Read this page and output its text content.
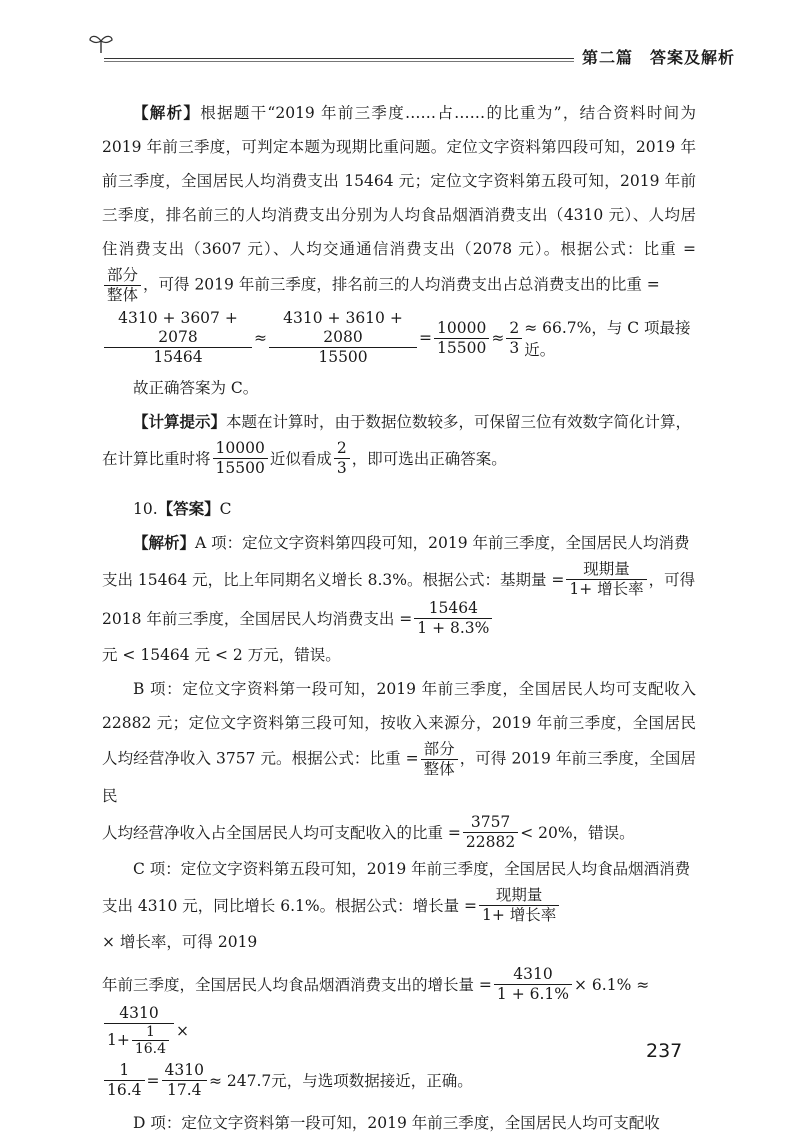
第二篇　答案及解析

【解析】根据题干“2019 年前三季度……占……的比重为”，结合资料时间为 2019 年前三季度，可判定本题为现期比重问题。定位文字资料第四段可知，2019 年前三季度，全国居民人均消费支出 15464 元；定位文字资料第五段可知，2019 年前三季度，排名前三的人均消费支出分别为人均食品烟酒消费支出（4310 元）、人均居住消费支出（3607 元）、人均交通通信消费支出（2078 元）。根据公式：比重 =
$\frac{\text{部分}}{\text{整体}}$ ，可得 2019 年前三季度，排名前三的人均消费支出占总消费支出的比重 =

$\frac{4310 + 3607 + 2078}{15464} \approx \frac{4310 + 3610 + 2080}{15500} = \frac{10000}{15500} \approx \frac{2}{3} \approx 66.7\%$，与 C 项最接近。

故正确答案为 C。

【计算提示】本题在计算时，由于数据位数较多，可保留三位有效数字简化计算，

在计算比重时将 $\frac{10000}{15500}$ 近似看成 $\frac{2}{3}$ ，即可选出正确答案。

10.【答案】C

【解析】A 项：定位文字资料第四段可知，2019 年前三季度，全国居民人均消费

支出 15464 元，比上年同期名义增长 8.3%。根据公式：基期量 = $\frac{\text{现期量}}{\text{1+ 增长率}}$ ，可得
2018 年前三季度，全国居民人均消费支出 = $\frac{15464}{1 + 8.3\%}$
元 < 15464 元 < 2 万元，错误。

B 项：定位文字资料第一段可知，2019 年前三季度，全国居民人均可支配收入 22882 元；定位文字资料第三段可知，按收入来源分，2019 年前三季度，全国居民人均经营净收入 3757 元。根据公式：比重 = $\frac{\text{部分}}{\text{整体}}$ ，可得 2019 年前三季度，全国居民

人均经营净收入占全国居民人均可支配收入的比重 = $\frac{3757}{22882} < 20\%$，错误。

C 项：定位文字资料第五段可知，2019 年前三季度，全国居民人均食品烟酒消费

支出 4310 元，同比增长 6.1%。根据公式：增长量 = $\frac{\text{现期量}}{\text{1+ 增长率}}$
× 增长率，可得 2019
年前三季度，全国居民人均食品烟酒消费支出的增长量 = $\frac{4310}{1 + 6.1\%} \times 6.1\%$ ≈
$\frac{4310}{1+ \frac{1}{16.4}}$ ×
$\frac{1}{16.4} = \frac{4310}{17.4} \approx 247.7$元，与选项数据接近，正确。

D 项：定位文字资料第一段可知，2019 年前三季度，全国居民人均可支配收

237
